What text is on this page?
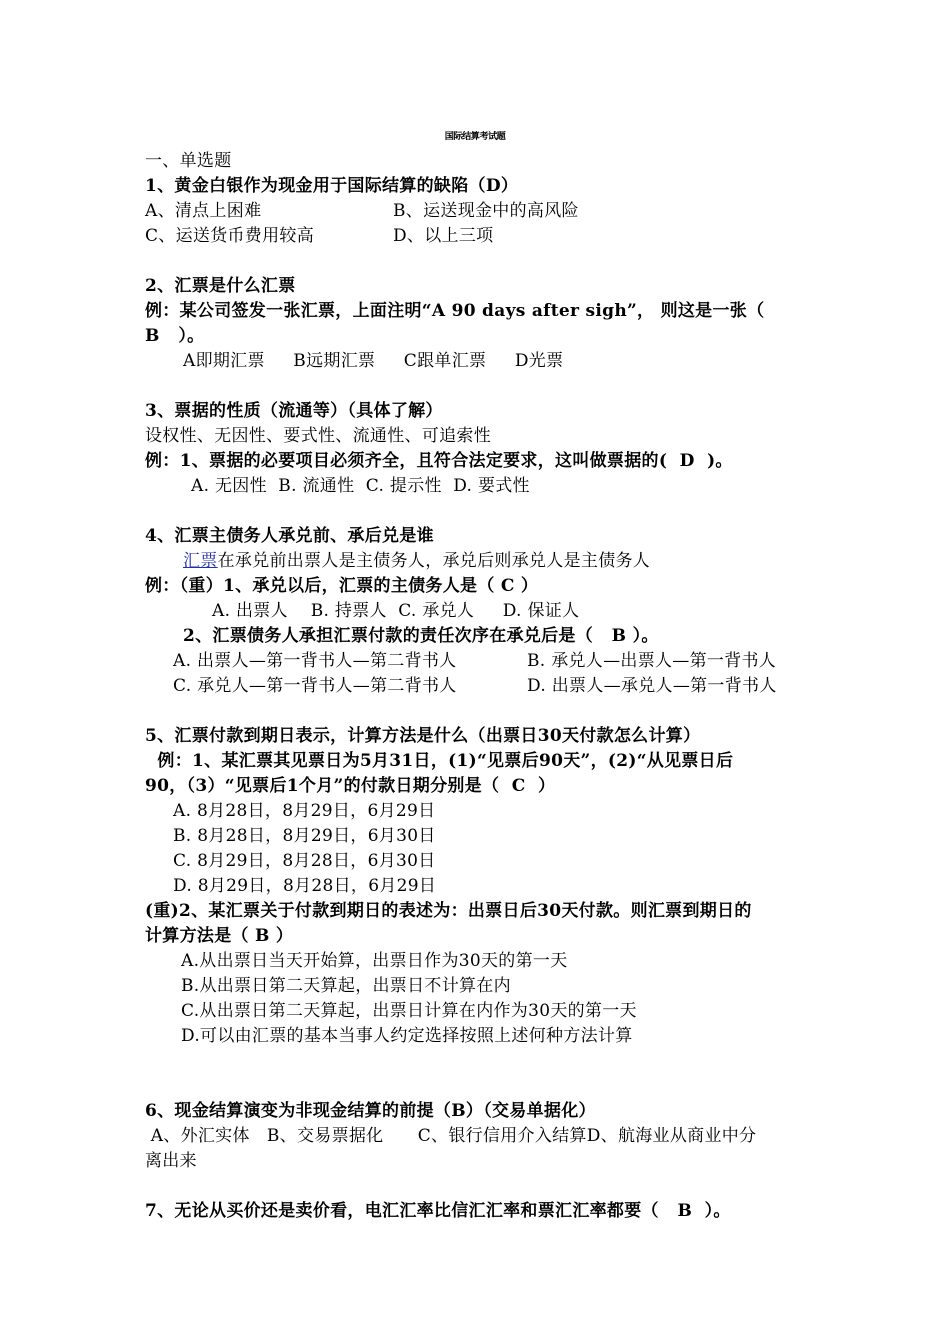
国际结算考试题
一、单选题
1、黄金白银作为现金用于国际结算的缺陷（D）
A、清点上困难	B、运送现金中的高风险
C、运送货币费用较高	D、以上三项
2、汇票是什么汇票
例：某公司签发一张汇票，上面注明“A 90 days after sigh”， 则这是一张（
B   ）。
A即期汇票     B远期汇票     C跟单汇票     D光票
3、票据的性质（流通等）（具体了解）
设权性、无因性、要式性、流通性、可追索性
例：1、票据的必要项目必须齐全，且符合法定要求，这叫做票据的(  D  )。
A. 无因性  B. 流通性  C. 提示性  D. 要式性
4、汇票主债务人承兑前、承后兑是谁
汇票在承兑前出票人是主债务人，承兑后则承兑人是主债务人
例：（重）1、承兑以后，汇票的主债务人是（ C ）
A. 出票人    B. 持票人  C. 承兑人     D. 保证人
2、汇票债务人承担汇票付款的责任次序在承兑后是（   B ）。
A. 出票人—第一背书人—第二背书人	B. 承兑人—出票人—第一背书人
C. 承兑人—第一背书人—第二背书人	D. 出票人—承兑人—第一背书人
5、汇票付款到期日表示，计算方法是什么（出票日30天付款怎么计算）
例：1、某汇票其见票日为5月31日，(1)“见票后90天”，(2)“从见票日后
90，（3）“见票后1个月”的付款日期分别是（  C  ）
A. 8月28日，8月29日，6月29日
B. 8月28日，8月29日，6月30日
C. 8月29日，8月28日，6月30日
D. 8月29日，8月28日，6月29日
(重)2、某汇票关于付款到期日的表述为：出票日后30天付款。则汇票到期日的
计算方法是（ B ）
A.从出票日当天开始算，出票日作为30天的第一天
B.从出票日第二天算起，出票日不计算在内
C.从出票日第二天算起，出票日计算在内作为30天的第一天
D.可以由汇票的基本当事人约定选择按照上述何种方法计算
6、现金结算演变为非现金结算的前提（B）（交易单据化）
A、外汇实体   B、交易票据化      C、银行信用介入结算D、航海业从商业中分
离出来
7、无论从买价还是卖价看，电汇汇率比信汇汇率和票汇汇率都要（   B  ）。
